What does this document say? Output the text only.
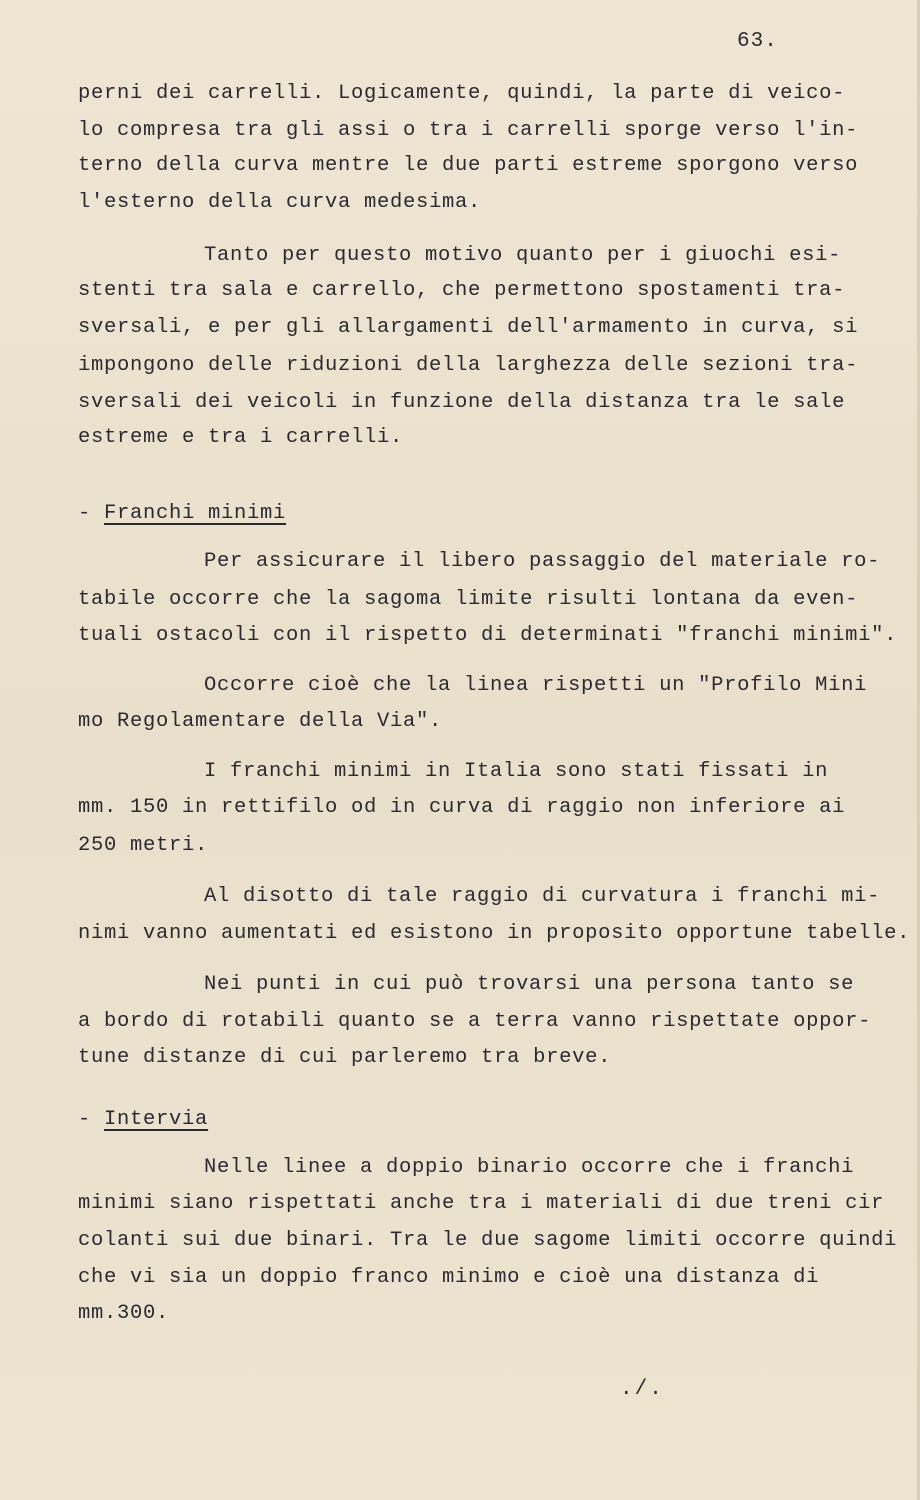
63.
perni dei carrelli. Logicamente, quindi, la parte di veico-
lo compresa tra gli assi o tra i carrelli sporge verso l'in-
terno della curva mentre le due parti estreme sporgono verso
l'esterno della curva medesima.
Tanto per questo motivo quanto per i giuochi esi-
stenti tra sala e carrello, che permettono spostamenti tra-
sversali, e per gli allargamenti dell'armamento in curva, si
impongono delle riduzioni della larghezza delle sezioni tra-
sversali dei veicoli in funzione della distanza tra le sale
estreme e tra i carrelli.
- Franchi minimi
Per assicurare il libero passaggio del materiale ro-
tabile occorre che la sagoma limite risulti lontana da even-
tuali ostacoli con il rispetto di determinati "franchi minimi".
Occorre cioè che la linea rispetti un "Profilo Mini
mo Regolamentare della Via".
I franchi minimi in Italia sono stati fissati in
mm. 150 in rettifilo od in curva di raggio non inferiore ai
250 metri.
Al disotto di tale raggio di curvatura i franchi mi-
nimi vanno aumentati ed esistono in proposito opportune tabelle.
Nei punti in cui può trovarsi una persona tanto se
a bordo di rotabili quanto se a terra vanno rispettate oppor-
tune distanze di cui parleremo tra breve.
- Intervia
Nelle linee a doppio binario occorre che i franchi
minimi siano rispettati anche tra i materiali di due treni cir
colanti sui due binari. Tra le due sagome limiti occorre quindi
che vi sia un doppio franco minimo e cioè una distanza di
mm.300.
./.
